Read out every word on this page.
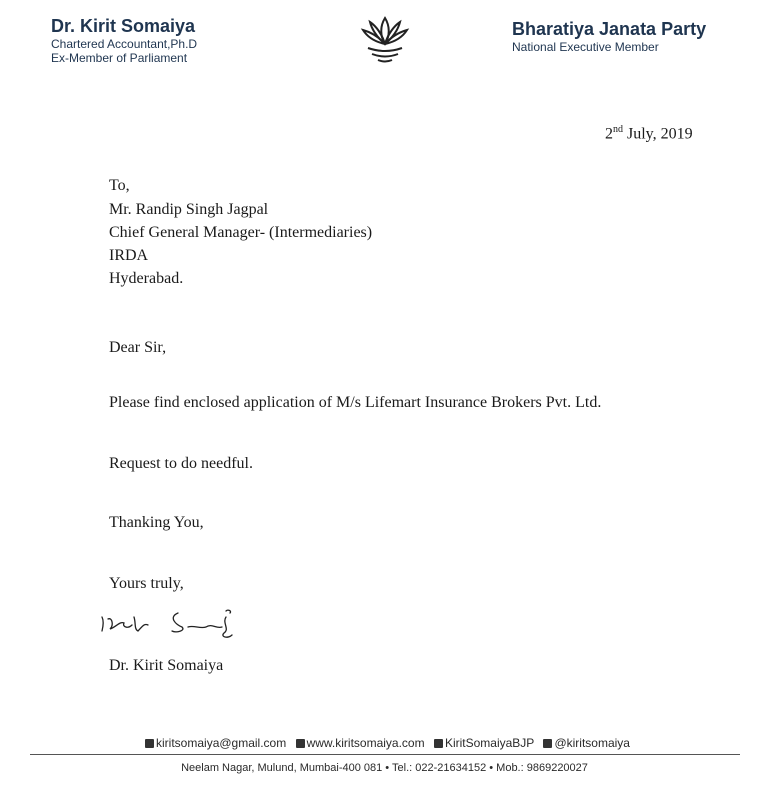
Dr. Kirit Somaiya
Chartered Accountant,Ph.D
Ex-Member of Parliament
Bharatiya Janata Party
National Executive Member
2nd July, 2019
To,
Mr. Randip Singh Jagpal
Chief General Manager- (Intermediaries)
IRDA
Hyderabad.
Dear Sir,
Please find enclosed application of M/s Lifemart Insurance Brokers Pvt. Ltd.
Request to do needful.
Thanking You,
Yours truly,
Dr. Kirit Somaiya
kiritsomaiya@gmail.com www.kiritsomaiya.com KiritSomaiyaBJP @kiritsomaiya
Neelam Nagar, Mulund, Mumbai-400 081 • Tel.: 022-21634152 • Mob.: 9869220027
